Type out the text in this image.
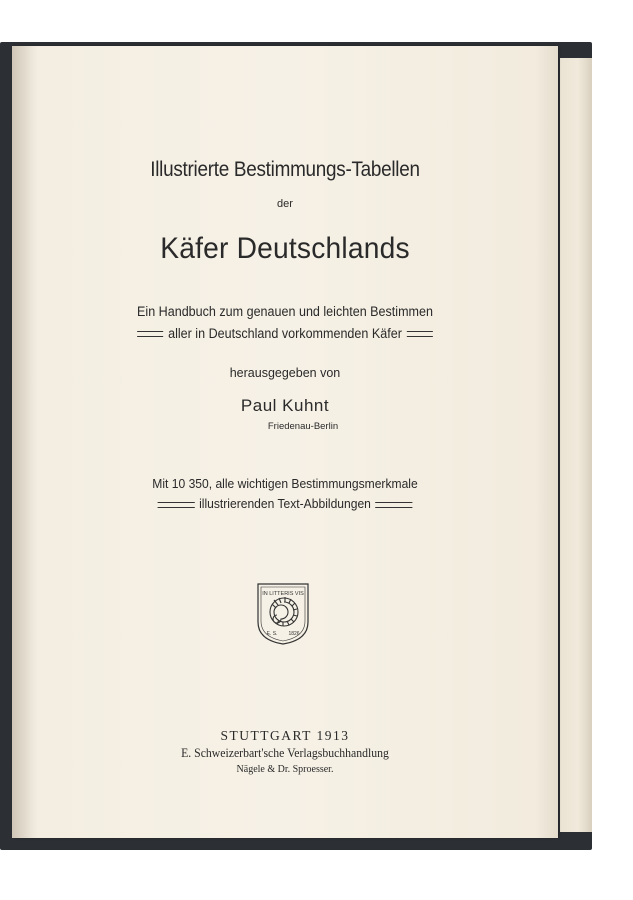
Illustrierte Bestimmungs-Tabellen
der
Käfer Deutschlands
Ein Handbuch zum genauen und leichten Bestimmen
aller in Deutschland vorkommenden Käfer
herausgegeben von
Paul Kuhnt
Friedenau-Berlin
Mit 10 350, alle wichtigen Bestimmungsmerkmale
illustrierenden Text-Abbildungen
IN LITTERIS VIS
E. S. 1826
STUTTGART 1913
E. Schweizerbart'sche Verlagsbuchhandlung
Nägele & Dr. Sproesser.
